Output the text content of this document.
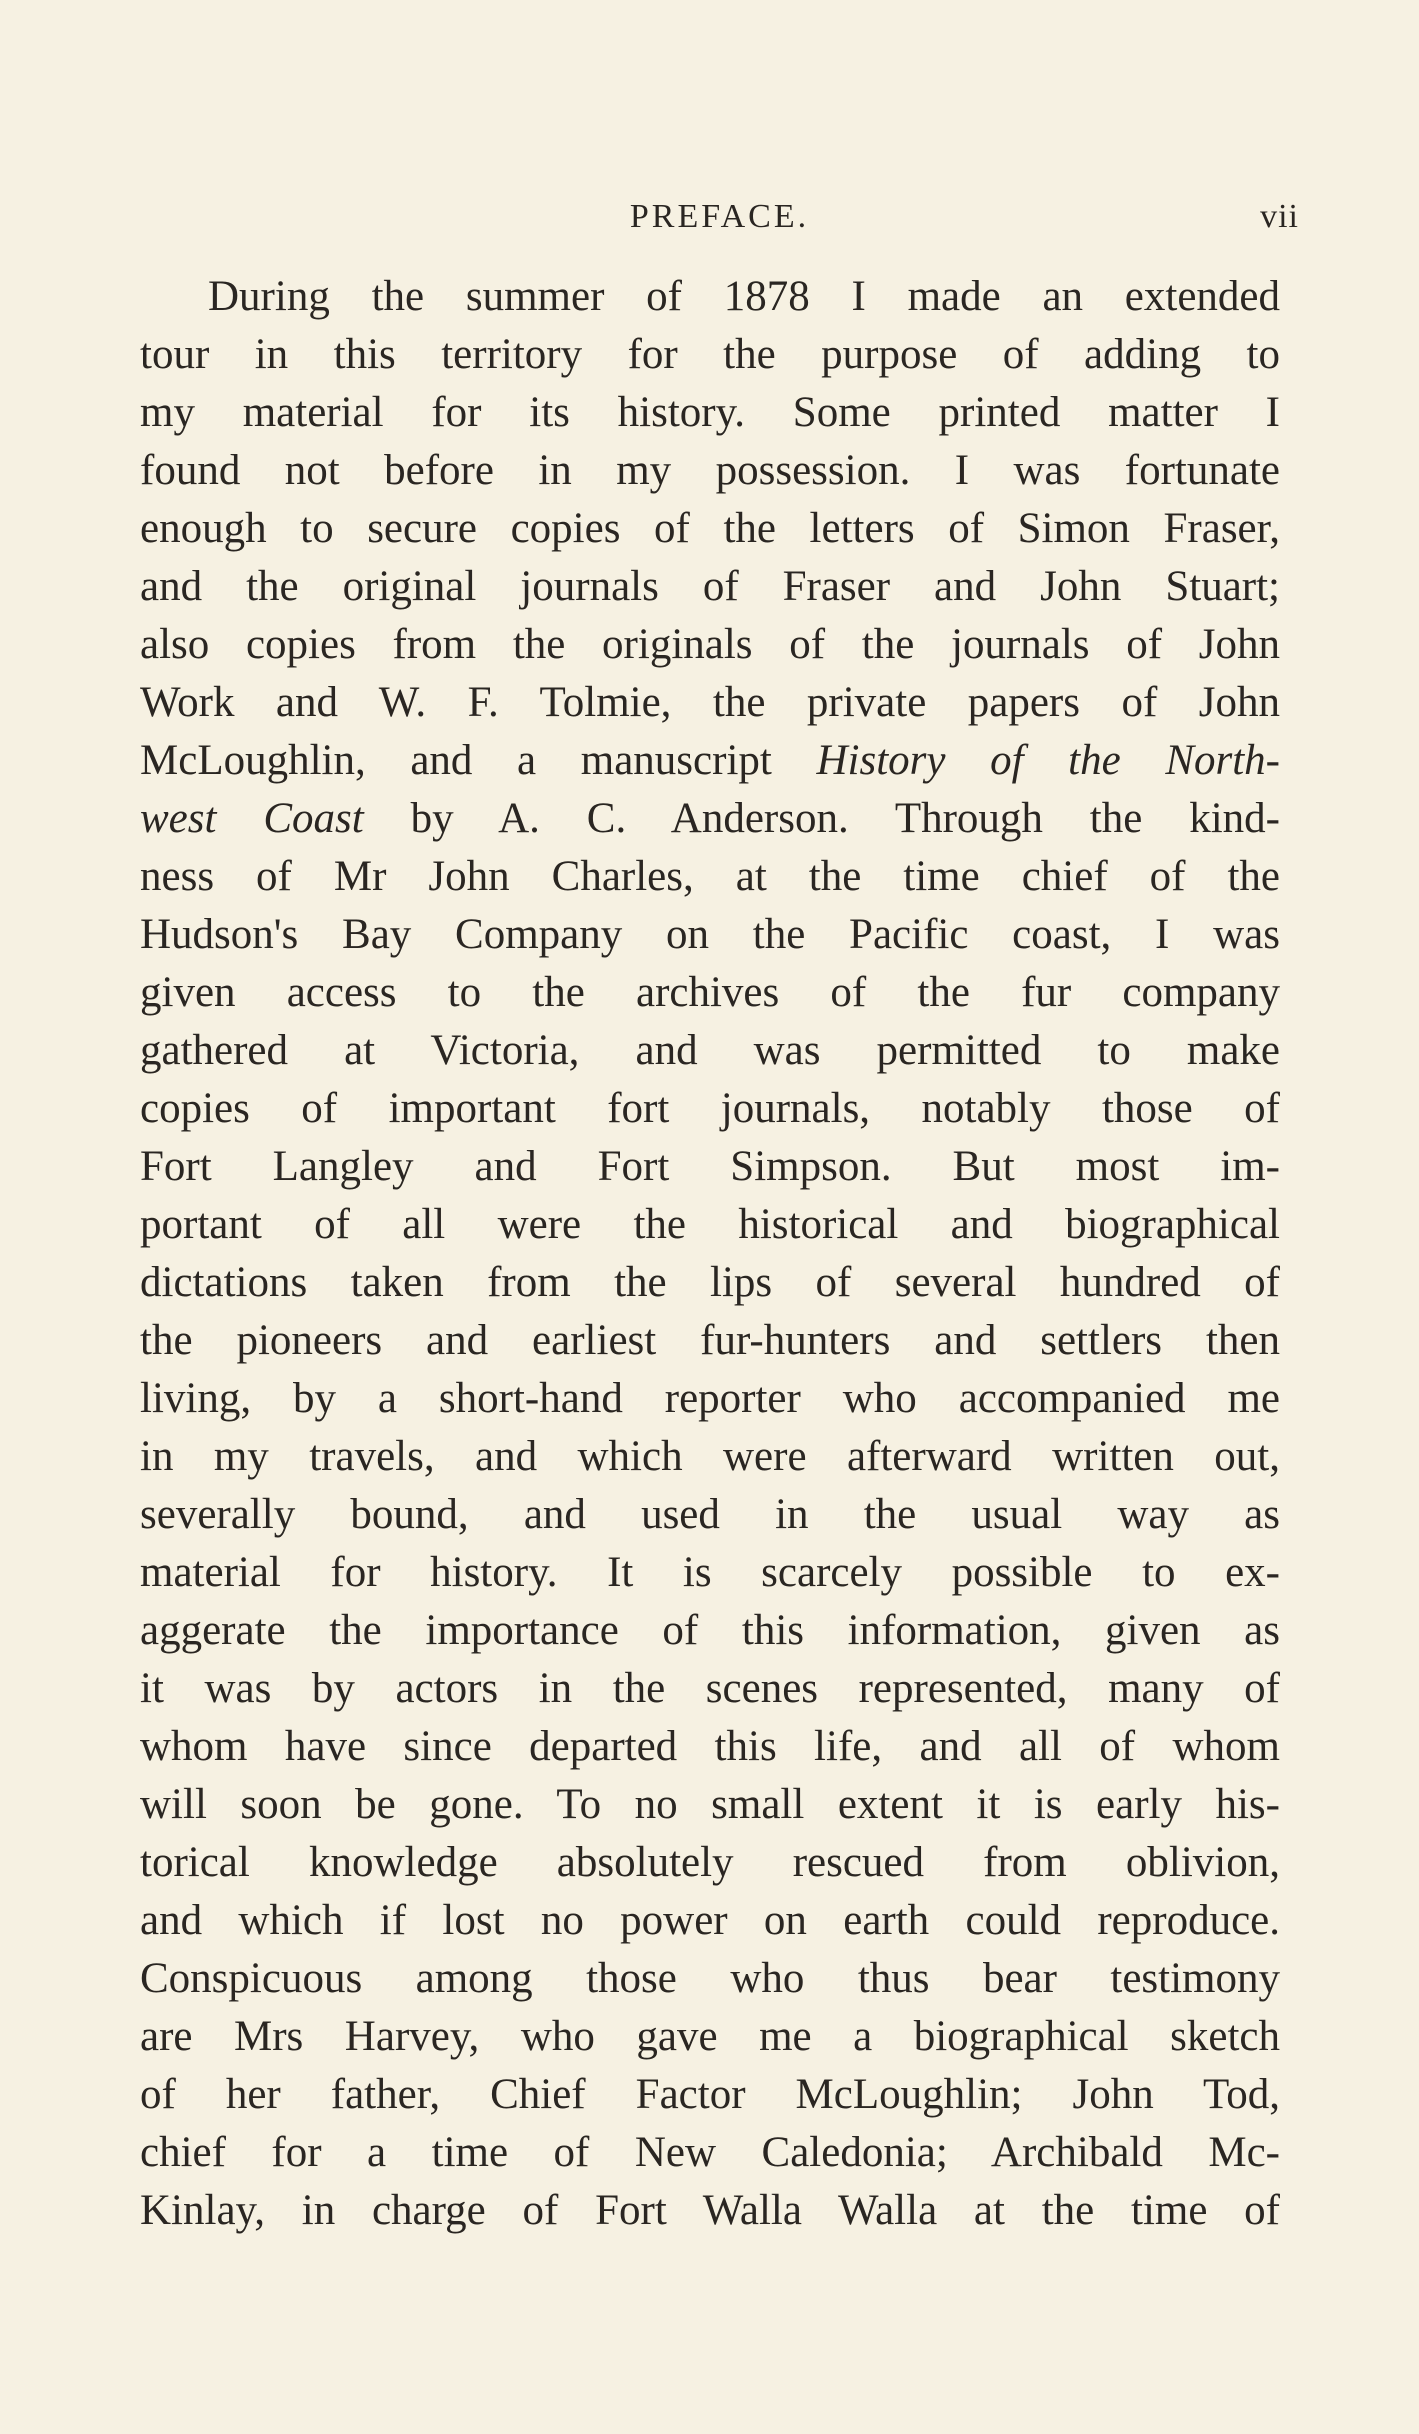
PREFACE.	vii
During the summer of 1878 I made an extended
tour in this territory for the purpose of adding to
my material for its history. Some printed matter I
found not before in my possession. I was fortunate
enough to secure copies of the letters of Simon Fraser,
and the original journals of Fraser and John Stuart;
also copies from the originals of the journals of John
Work and W. F. Tolmie, the private papers of John
McLoughlin, and a manuscript History of the North-
west Coast by A. C. Anderson. Through the kind-
ness of Mr John Charles, at the time chief of the
Hudson's Bay Company on the Pacific coast, I was
given access to the archives of the fur company
gathered at Victoria, and was permitted to make
copies of important fort journals, notably those of
Fort Langley and Fort Simpson. But most im-
portant of all were the historical and biographical
dictations taken from the lips of several hundred of
the pioneers and earliest fur-hunters and settlers then
living, by a short-hand reporter who accompanied me
in my travels, and which were afterward written out,
severally bound, and used in the usual way as
material for history. It is scarcely possible to ex-
aggerate the importance of this information, given as
it was by actors in the scenes represented, many of
whom have since departed this life, and all of whom
will soon be gone. To no small extent it is early his-
torical knowledge absolutely rescued from oblivion,
and which if lost no power on earth could reproduce.
Conspicuous among those who thus bear testimony
are Mrs Harvey, who gave me a biographical sketch
of her father, Chief Factor McLoughlin; John Tod,
chief for a time of New Caledonia; Archibald Mc-
Kinlay, in charge of Fort Walla Walla at the time of
